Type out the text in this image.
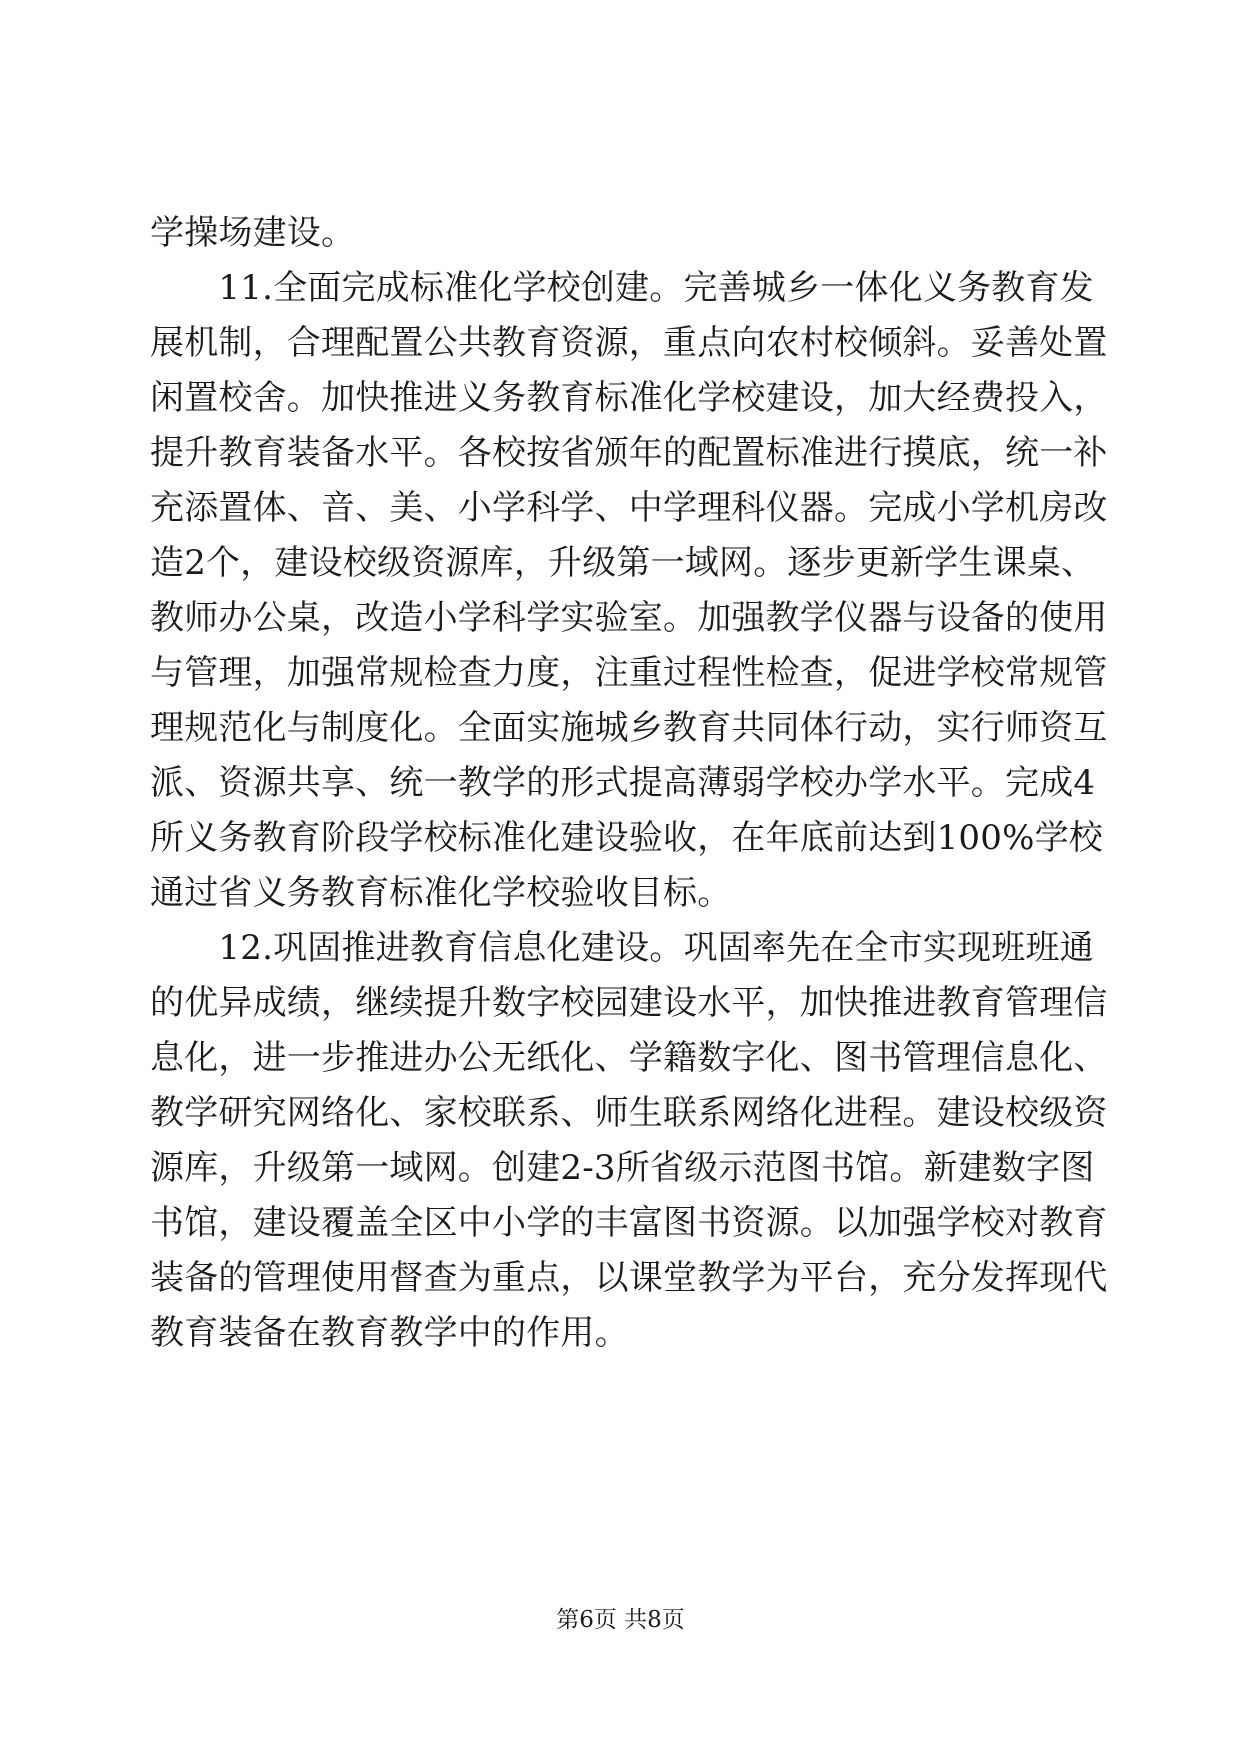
学操场建设。
　　11.全面完成标准化学校创建。完善城乡一体化义务教育发
展机制，合理配置公共教育资源，重点向农村校倾斜。妥善处置
闲置校舍。加快推进义务教育标准化学校建设，加大经费投入，
提升教育装备水平。各校按省颁年的配置标准进行摸底，统一补
充添置体、音、美、小学科学、中学理科仪器。完成小学机房改
造2个，建设校级资源库，升级第一域网。逐步更新学生课桌、
教师办公桌，改造小学科学实验室。加强教学仪器与设备的使用
与管理，加强常规检查力度，注重过程性检查，促进学校常规管
理规范化与制度化。全面实施城乡教育共同体行动，实行师资互
派、资源共享、统一教学的形式提高薄弱学校办学水平。完成4
所义务教育阶段学校标准化建设验收，在年底前达到100%学校
通过省义务教育标准化学校验收目标。
　　12.巩固推进教育信息化建设。巩固率先在全市实现班班通
的优异成绩，继续提升数字校园建设水平，加快推进教育管理信
息化，进一步推进办公无纸化、学籍数字化、图书管理信息化、
教学研究网络化、家校联系、师生联系网络化进程。建设校级资
源库，升级第一域网。创建2-3所省级示范图书馆。新建数字图
书馆，建设覆盖全区中小学的丰富图书资源。以加强学校对教育
装备的管理使用督查为重点，以课堂教学为平台，充分发挥现代
教育装备在教育教学中的作用。
第6页 共8页
